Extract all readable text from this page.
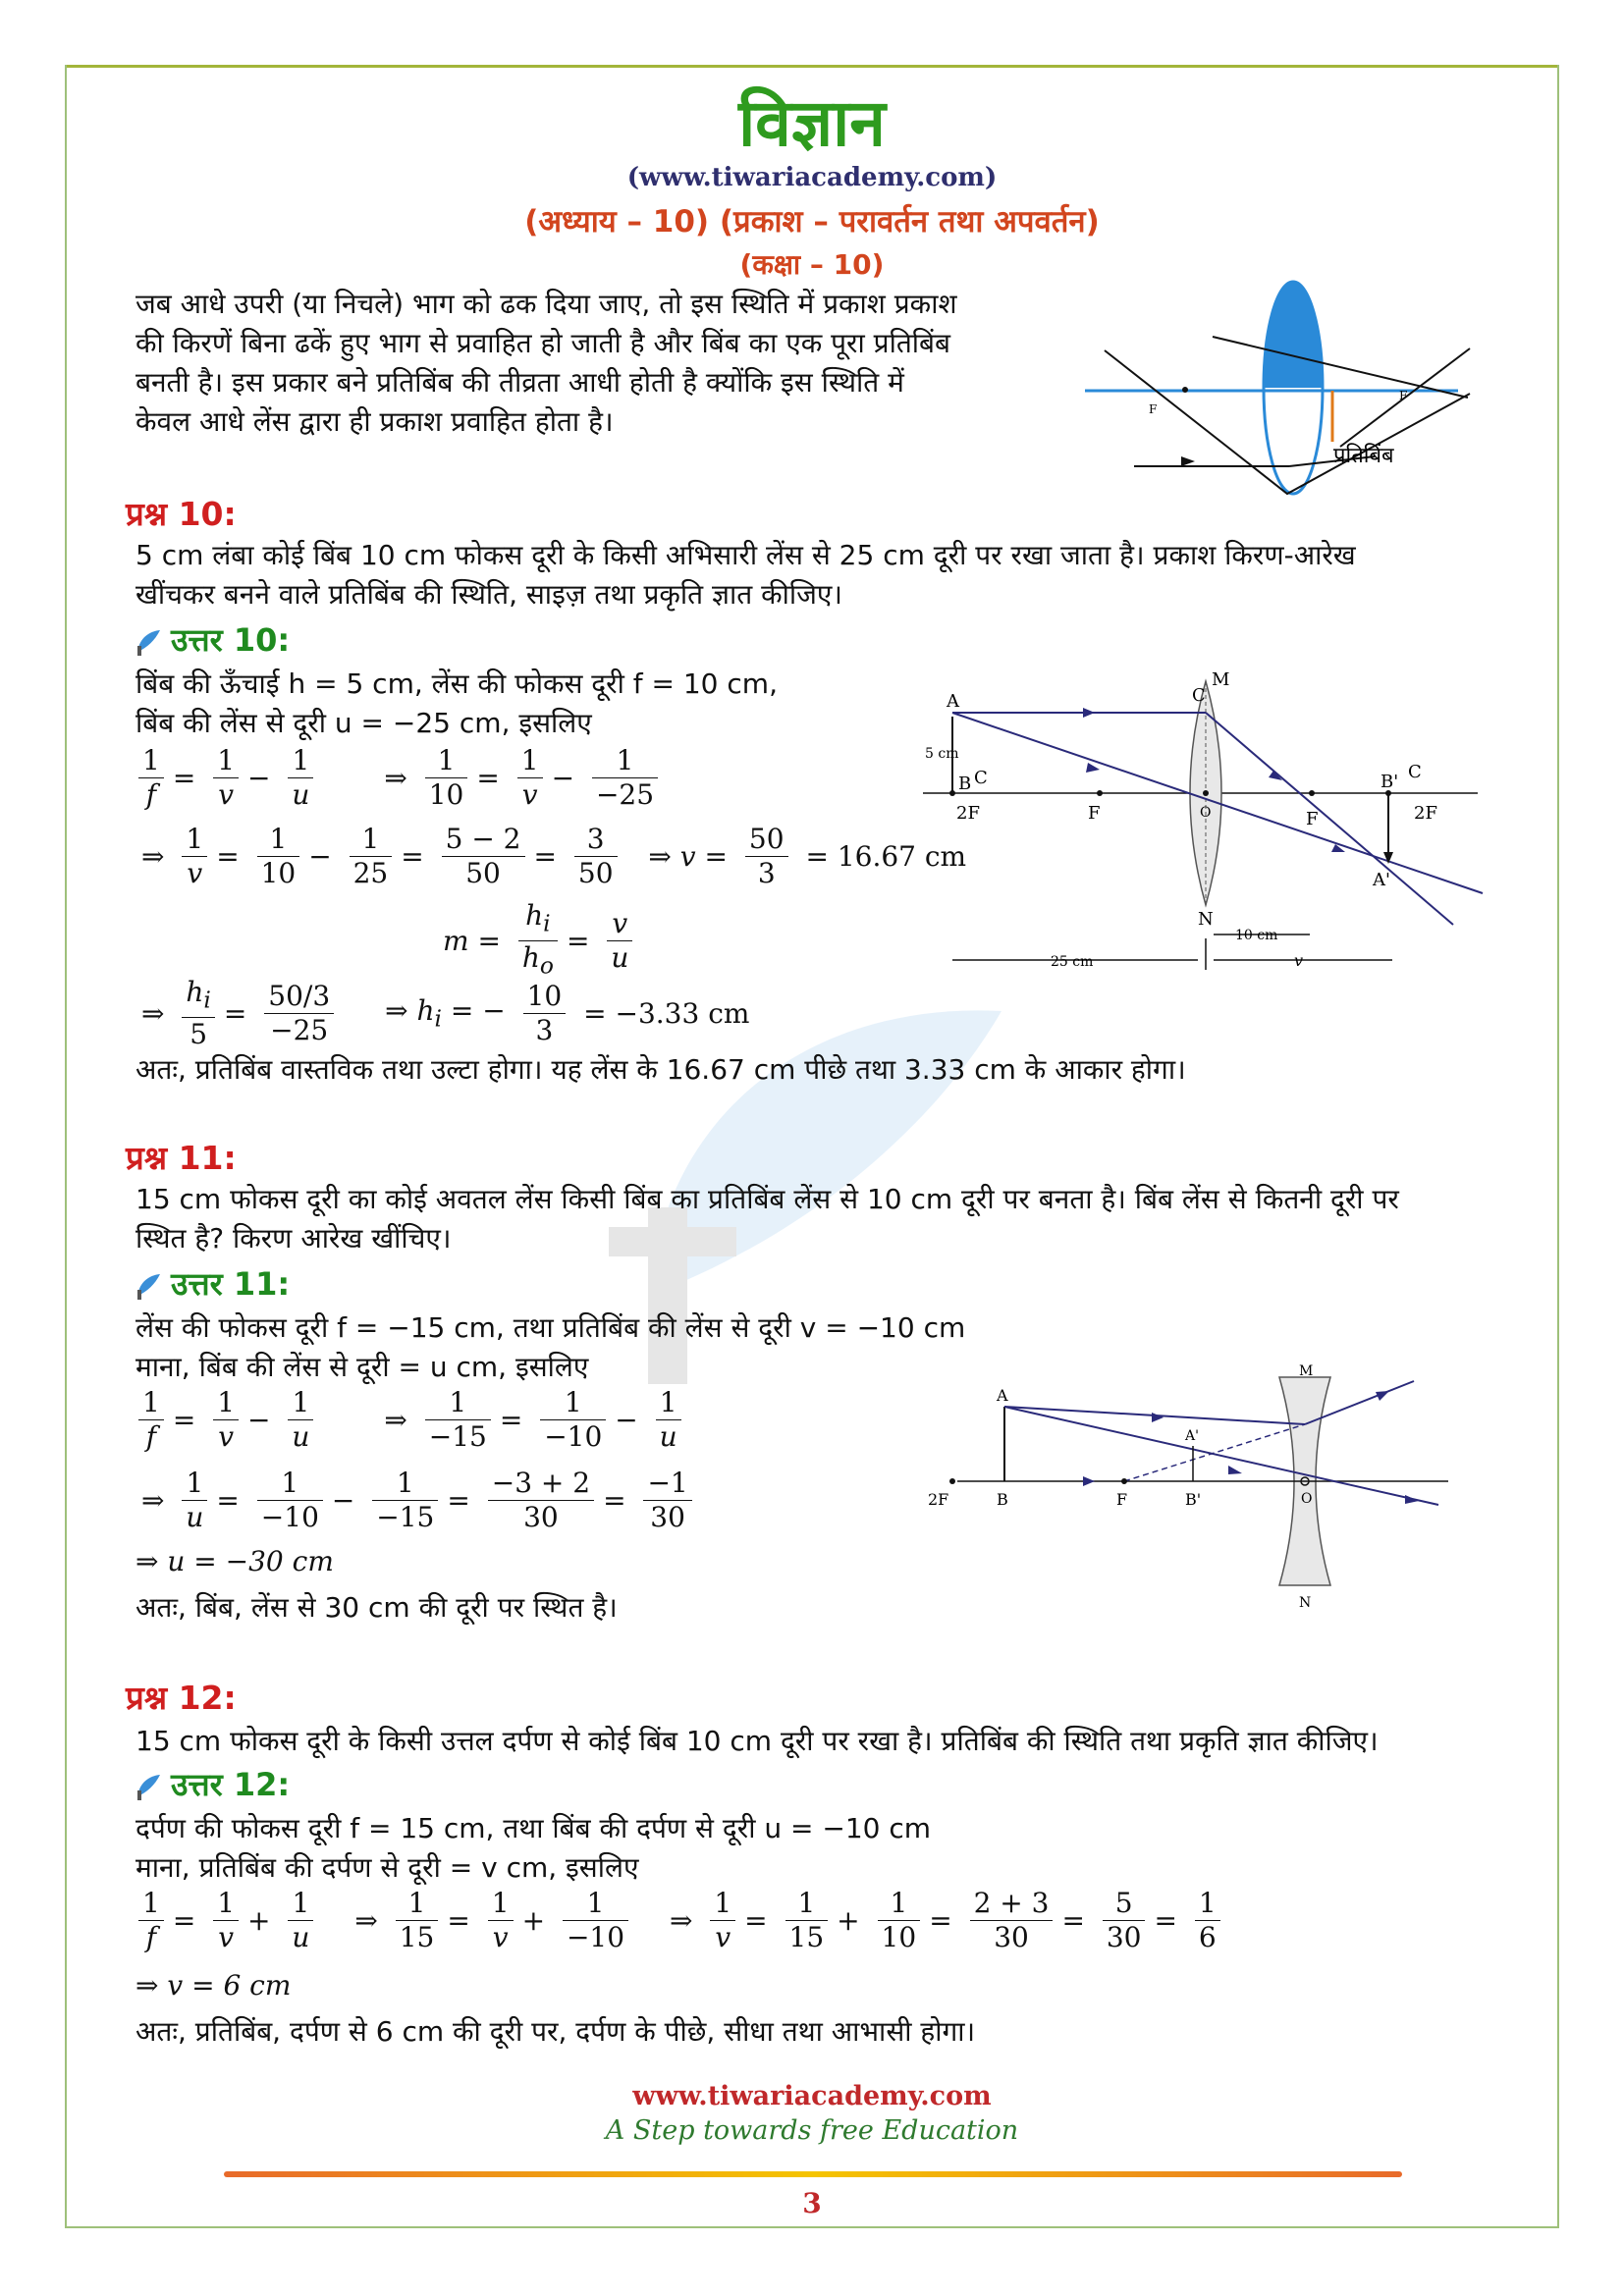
विज्ञान
(www.tiwariacademy.com)
(अध्याय – 10) (प्रकाश – परावर्तन तथा अपवर्तन)
(कक्षा – 10)
जब आधे उपरी (या निचले) भाग को ढक दिया जाए, तो इस स्थिति में प्रकाश प्रकाश
की किरणें बिना ढकें हुए भाग से प्रवाहित हो जाती है और बिंब का एक पूरा प्रतिबिंब
बनती है। इस प्रकार बने प्रतिबिंब की तीव्रता आधी होती है क्योंकि इस स्थिति में
केवल आधे लेंस द्वारा ही प्रकाश प्रवाहित होता है।	F
F
प्रतिबिंब
प्रश्न 10:
5 cm लंबा कोई बिंब 10 cm फोकस दूरी के किसी अभिसारी लेंस से 25 cm दूरी पर रखा जाता है। प्रकाश किरण-आरेख
खींचकर बनने वाले प्रतिबिंब की स्थिति, साइज़ तथा प्रकृति ज्ञात कीजिए।
उत्तर 10:
बिंब की ऊँचाई h = 5 cm, लेंस की फोकस दूरी f = 10 cm,
बिंब की लेंस से दूरी u = −25 cm, इसलिए
$\frac{1}{f} = \frac{1}{v} - \frac{1}{u}$	⇒ $\frac{1}{10} = \frac{1}{v} - \frac{1}{-25}$
⇒ $\frac{1}{v} = \frac{1}{10} - \frac{1}{25} = \frac{5 - 2}{50} = \frac{3}{50}$ ⇒ $v = \frac{50}{3} = 16.67$ cm
$m = \frac{h_i}{h_o} = \frac{v}{u}$
⇒ $\frac{h_i}{5} = \frac{50/3}{-25}$ ⇒ $h_i$ = − $\frac{10}{3} = -3.33$ cm
अतः, प्रतिबिंब वास्तविक तथा उल्टा होगा। यह लेंस के 16.67 cm पीछे तथा 3.33 cm के आकार होगा।
A
5 cm
B C
2F	F
C
M
O
N
F
B' C
2F
A'
25 cm
10 cm
v
प्रश्न 11:
15 cm फोकस दूरी का कोई अवतल लेंस किसी बिंब का प्रतिबिंब लेंस से 10 cm दूरी पर बनता है। बिंब लेंस से कितनी दूरी पर
स्थित है? किरण आरेख खींचिए।
उत्तर 11:
लेंस की फोकस दूरी f = −15 cm, तथा प्रतिबिंब की लेंस से दूरी v = −10 cm
माना, बिंब की लेंस से दूरी = u cm, इसलिए
$\frac{1}{f} = \frac{1}{v} - \frac{1}{u}$	⇒ $\frac{1}{-15} = \frac{1}{-10} - \frac{1}{u}$
⇒ $\frac{1}{u} = \frac{1}{-10} - \frac{1}{-15} = \frac{-3 + 2}{30} = \frac{-1}{30}$
⇒ u = −30 cm
अतः, बिंब, लेंस से 30 cm की दूरी पर स्थित है।
A
B
2F	F
A'
B'
M
N
O
प्रश्न 12:
15 cm फोकस दूरी के किसी उत्तल दर्पण से कोई बिंब 10 cm दूरी पर रखा है। प्रतिबिंब की स्थिति तथा प्रकृति ज्ञात कीजिए।
उत्तर 12:
दर्पण की फोकस दूरी f = 15 cm, तथा बिंब की दर्पण से दूरी u = −10 cm
माना, प्रतिबिंब की दर्पण से दूरी = v cm, इसलिए
$\frac{1}{f} = \frac{1}{v} + \frac{1}{u}$ ⇒ $\frac{1}{15} = \frac{1}{v} + \frac{1}{-10}$ ⇒ $\frac{1}{v} = \frac{1}{15} + \frac{1}{10} = \frac{2 + 3}{30} = \frac{5}{30} = \frac{1}{6}$
⇒ v = 6 cm
अतः, प्रतिबिंब, दर्पण से 6 cm की दूरी पर, दर्पण के पीछे, सीधा तथा आभासी होगा।
www.tiwariacademy.com
A Step towards free Education
3
